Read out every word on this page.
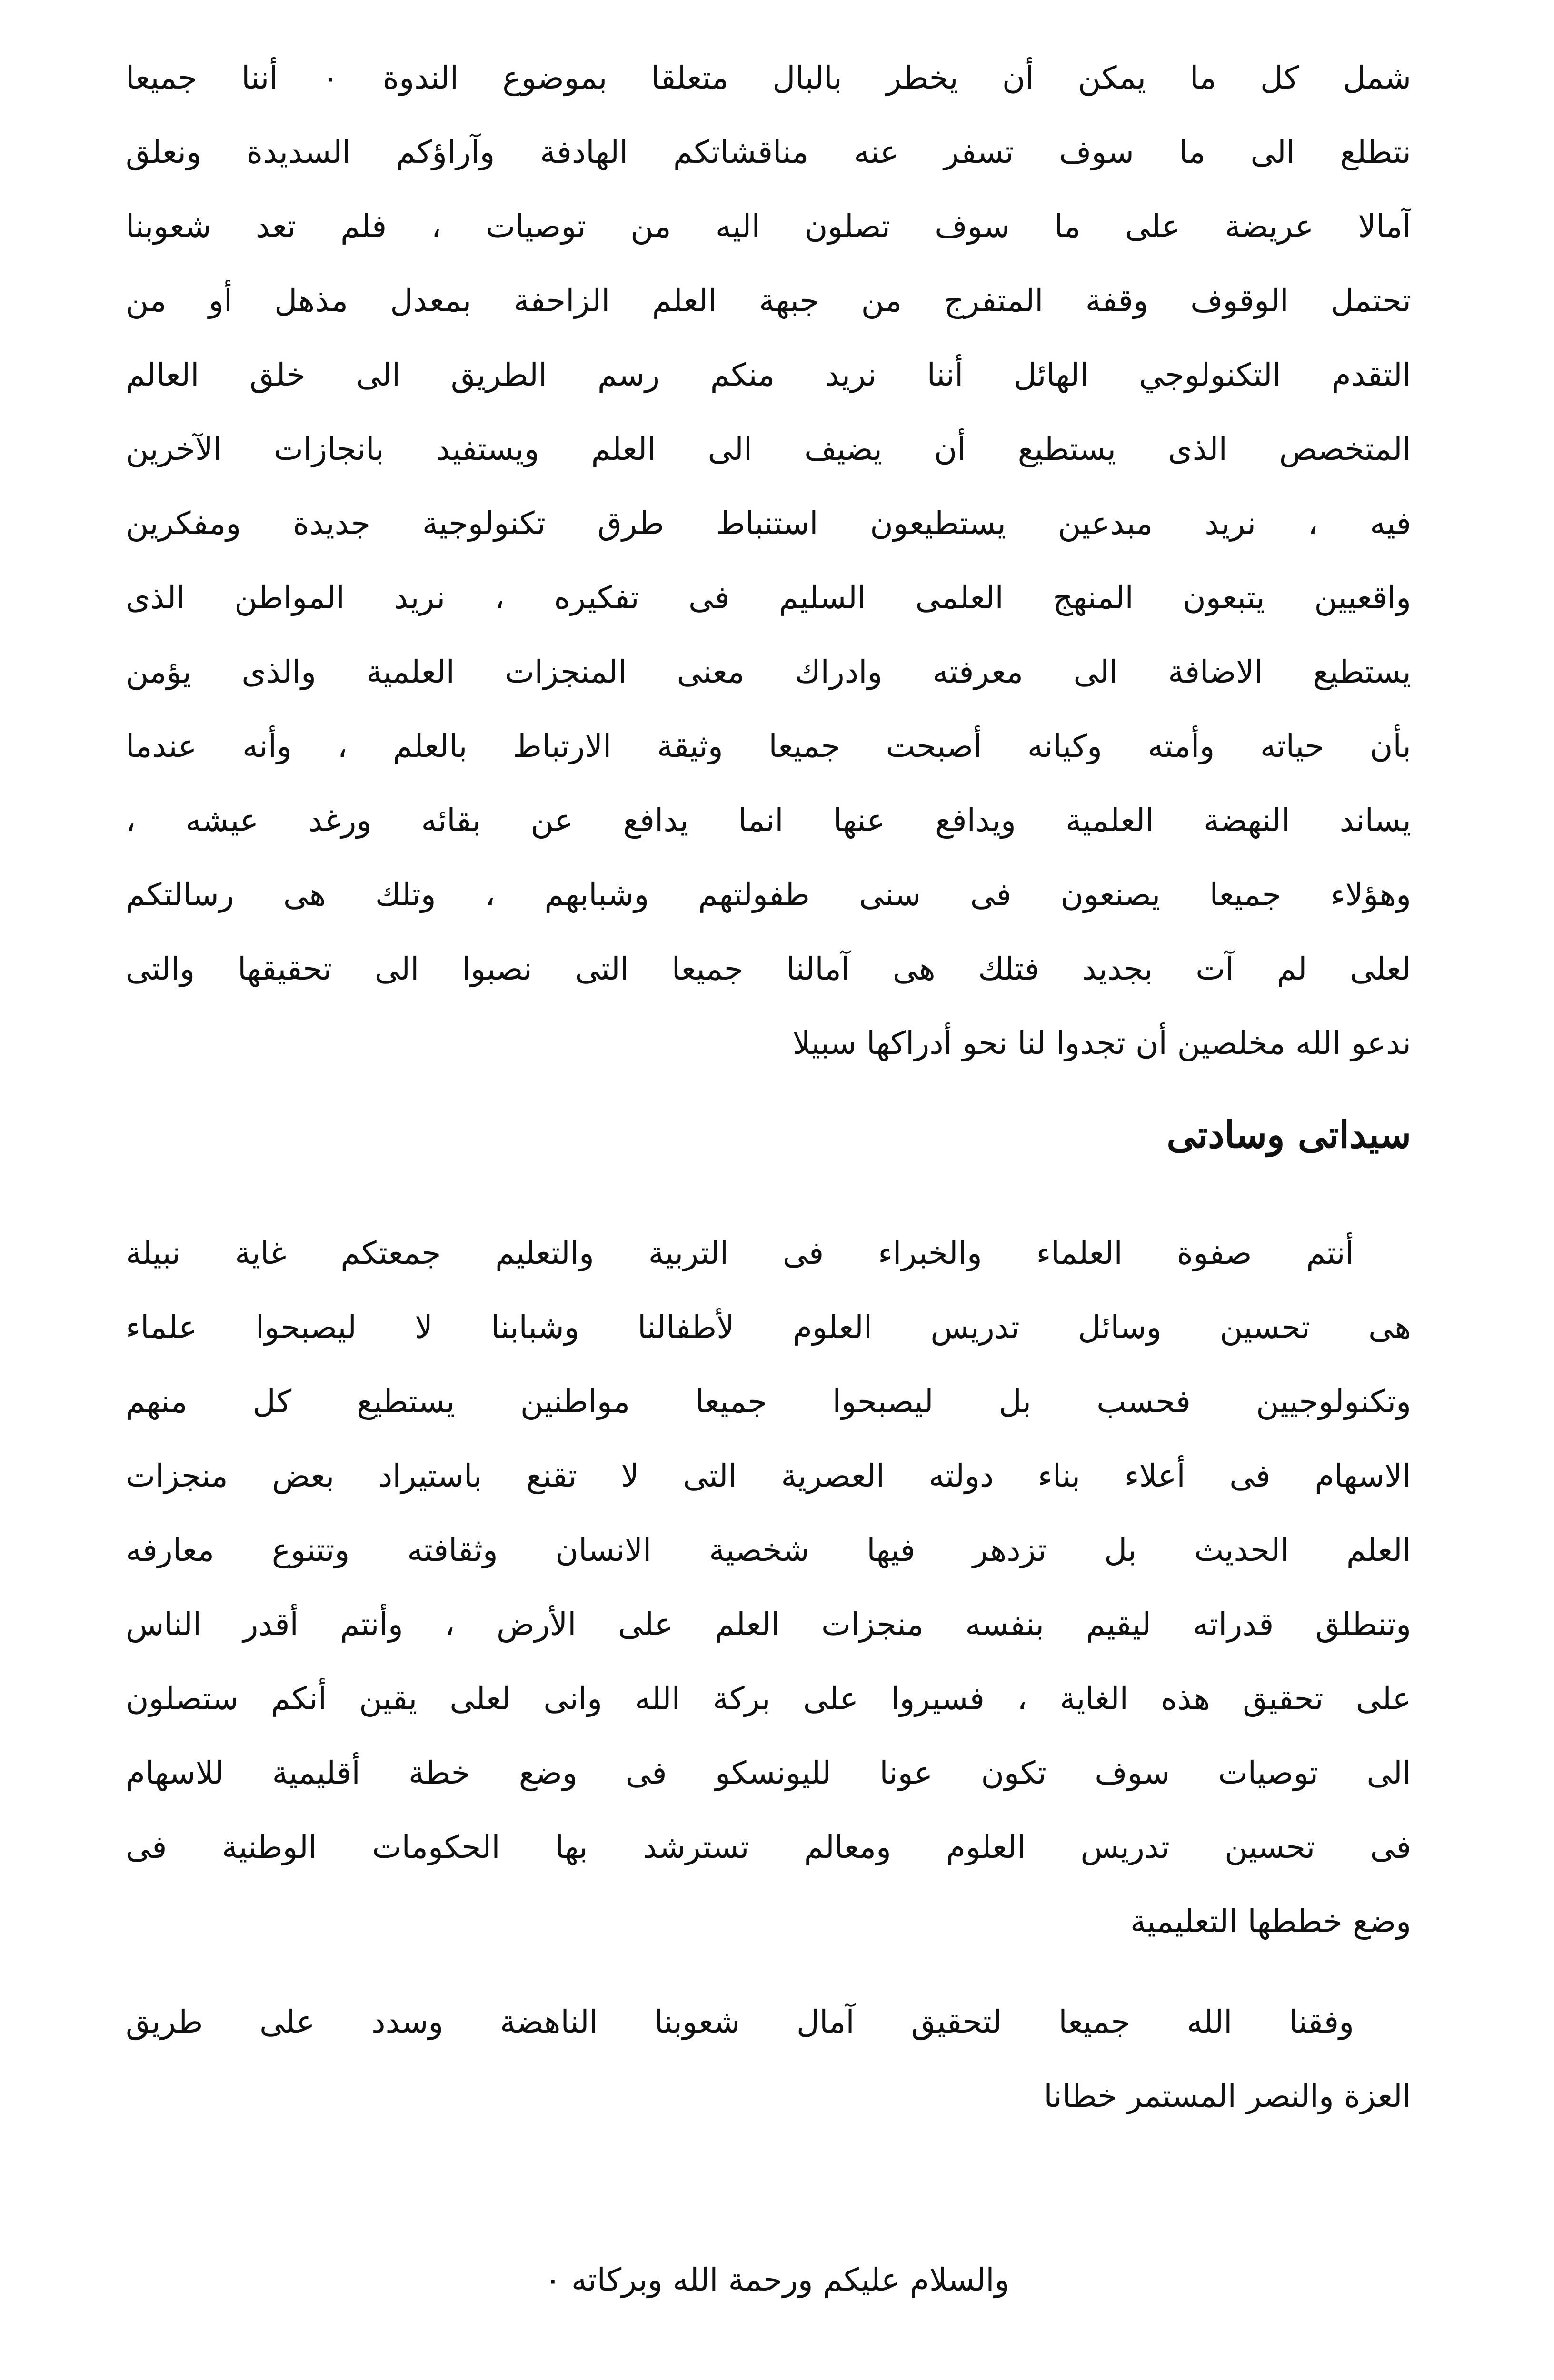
شمل كل ما يمكن أن يخطر بالبال متعلقا بموضوع الندوة ٠ أننا جميعا
نتطلع الى ما سوف تسفر عنه مناقشاتكم الهادفة وآراؤكم السديدة ونعلق
آمالا عريضة على ما سوف تصلون اليه من توصيات ، فلم تعد شعوبنا
تحتمل الوقوف وقفة المتفرج من جبهة العلم الزاحفة بمعدل مذهل أو من
التقدم التكنولوجي الهائل أننا نريد منكم رسم الطريق الى خلق العالم
المتخصص الذى يستطيع أن يضيف الى العلم ويستفيد بانجازات الآخرين
فيه ، نريد مبدعين يستطيعون استنباط طرق تكنولوجية جديدة ومفكرين
واقعيين يتبعون المنهج العلمى السليم فى تفكيره ، نريد المواطن الذى
يستطيع الاضافة الى معرفته وادراك معنى المنجزات العلمية والذى يؤمن
بأن حياته وأمته وكيانه أصبحت جميعا وثيقة الارتباط بالعلم ، وأنه عندما
يساند النهضة العلمية ويدافع عنها انما يدافع عن بقائه ورغد عيشه ،
وهؤلاء جميعا يصنعون فى سنى طفولتهم وشبابهم ، وتلك هى رسالتكم
لعلى لم آت بجديد فتلك هى آمالنا جميعا التى نصبوا الى تحقيقها والتى
ندعو الله مخلصين أن تجدوا لنا نحو أدراكها سبيلا
سيداتى وسادتى
أنتم صفوة العلماء والخبراء فى التربية والتعليم جمعتكم غاية نبيلة
هى تحسين وسائل تدريس العلوم لأطفالنا وشبابنا لا ليصبحوا علماء
وتكنولوجيين فحسب بل ليصبحوا جميعا مواطنين يستطيع كل منهم
الاسهام فى أعلاء بناء دولته العصرية التى لا تقنع باستيراد بعض منجزات
العلم الحديث بل تزدهر فيها شخصية الانسان وثقافته وتتنوع معارفه
وتنطلق قدراته ليقيم بنفسه منجزات العلم على الأرض ، وأنتم أقدر الناس
على تحقيق هذه الغاية ، فسيروا على بركة الله وانى لعلى يقين أنكم ستصلون
الى توصيات سوف تكون عونا لليونسكو فى وضع خطة أقليمية للاسهام
فى تحسين تدريس العلوم ومعالم تسترشد بها الحكومات الوطنية فى
وضع خططها التعليمية
وفقنا الله جميعا لتحقيق آمال شعوبنا الناهضة وسدد على طريق
العزة والنصر المستمر خطانا
والسلام عليكم ورحمة الله وبركاته ٠
